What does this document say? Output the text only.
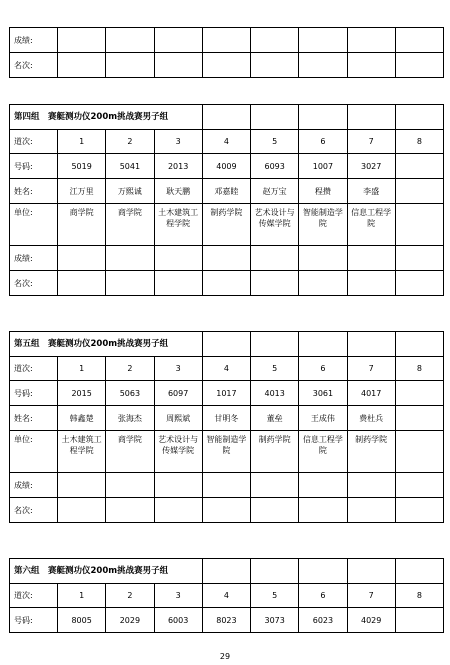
成绩:								
名次:								
第四组　赛艇测功仪200m挑战赛男子组								
道次:	1	2	3	4	5	6	7	8
号码:	5019	5041	2013	4009	6093	1007	3027	
姓名:	江万里	万熙诚	耿天鹏	邓嘉睦	赵万宝	程攒	李盛	
单位:	商学院	商学院	土木建筑工程学院	制药学院	艺术设计与传媒学院	智能制造学院	信息工程学院	
成绩:								
名次:								
第五组　赛艇测功仪200m挑战赛男子组								
道次:	1	2	3	4	5	6	7	8
号码:	2015	5063	6097	1017	4013	3061	4017	
姓名:	韩鑫楚	张海杰	周熙斌	甘明冬	董垒	王成伟	费杜兵	
单位:	土木建筑工程学院	商学院	艺术设计与传媒学院	智能制造学院	制药学院	信息工程学院	制药学院	
成绩:								
名次:								
第六组　赛艇测功仪200m挑战赛男子组								
道次:	1	2	3	4	5	6	7	8
号码:	8005	2029	6003	8023	3073	6023	4029	
29
